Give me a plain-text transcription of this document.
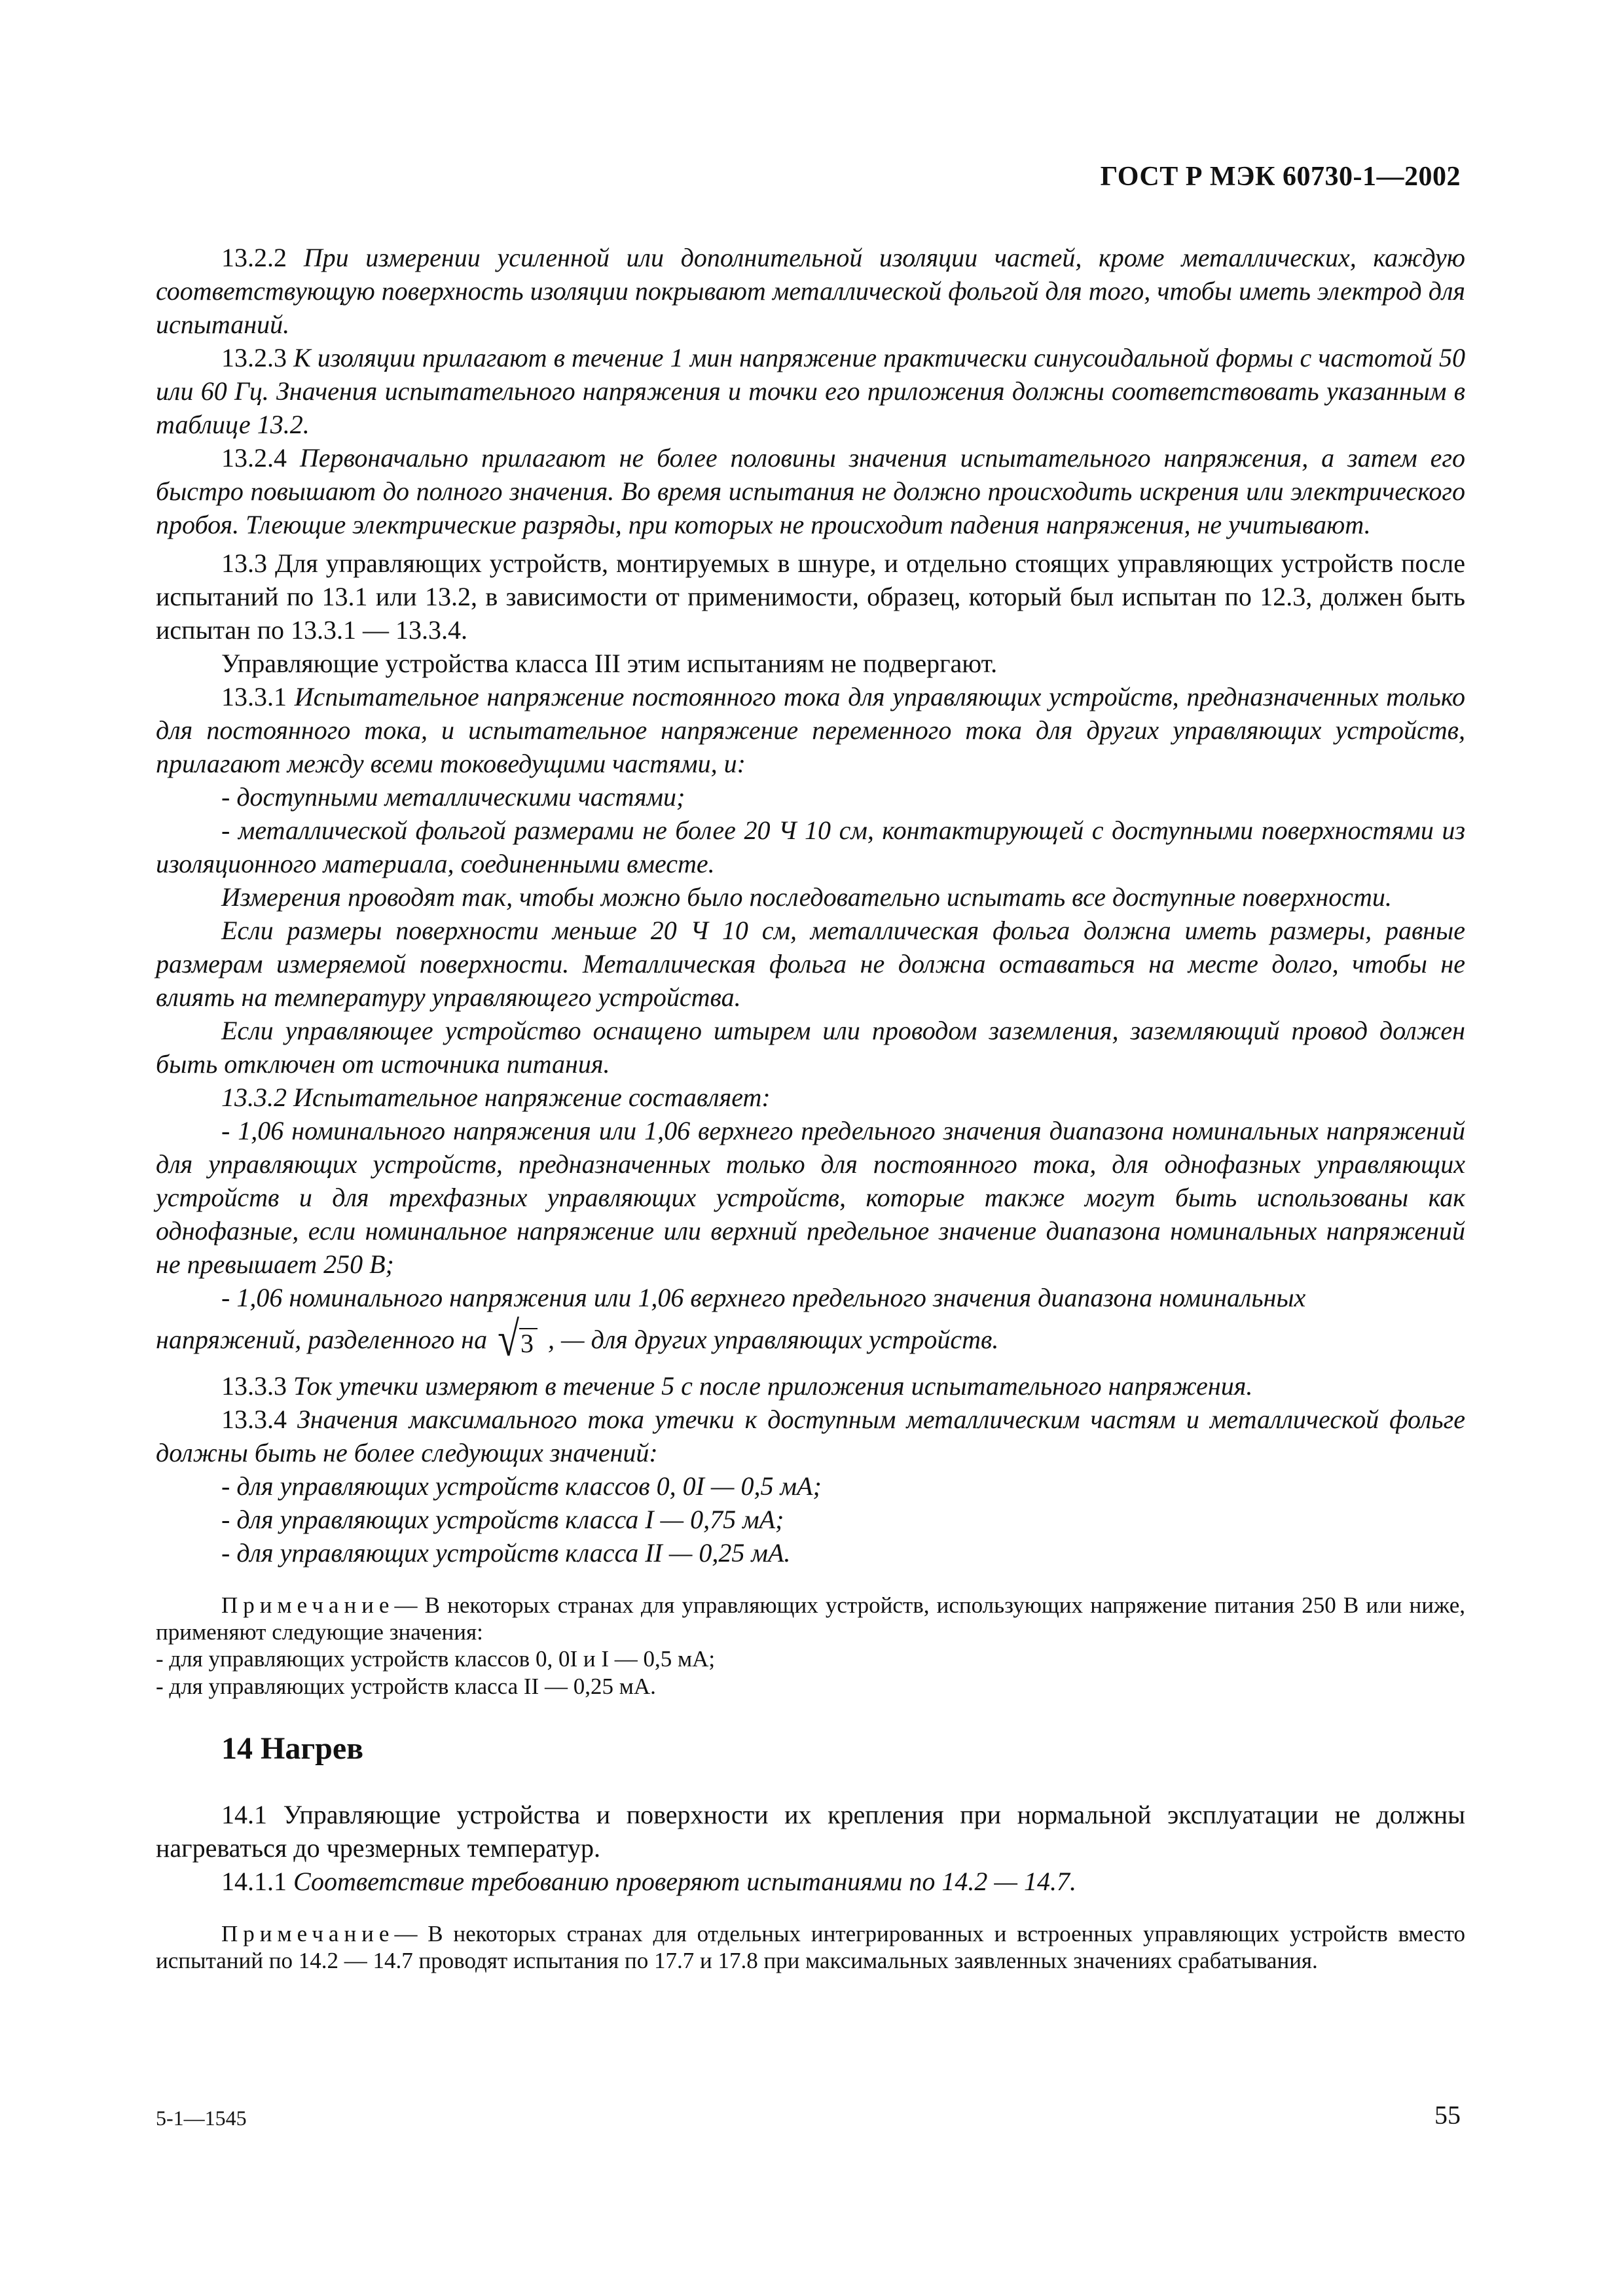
ГОСТ Р МЭК 60730-1—2002

13.2.2 При измерении усиленной или дополнительной изоляции частей, кроме металлических, каждую соответствующую поверхность изоляции покрывают металлической фольгой для того, чтобы иметь электрод для испытаний.

13.2.3 К изоляции прилагают в течение 1 мин напряжение практически синусоидальной формы с частотой 50 или 60 Гц. Значения испытательного напряжения и точки его приложения должны соответствовать указанным в таблице 13.2.

13.2.4 Первоначально прилагают не более половины значения испытательного напряжения, а затем его быстро повышают до полного значения. Во время испытания не должно происходить искрения или электрического пробоя. Тлеющие электрические разряды, при которых не происходит падения напряжения, не учитывают.

13.3 Для управляющих устройств, монтируемых в шнуре, и отдельно стоящих управляющих устройств после испытаний по 13.1 или 13.2, в зависимости от применимости, образец, который был испытан по 12.3, должен быть испытан по 13.3.1 — 13.3.4.

Управляющие устройства класса III этим испытаниям не подвергают.

13.3.1 Испытательное напряжение постоянного тока для управляющих устройств, предназначенных только для постоянного тока, и испытательное напряжение переменного тока для других управляющих устройств, прилагают между всеми токоведущими частями, и:

- доступными металлическими частями;

- металлической фольгой размерами не более 20 Ч 10 см, контактирующей с доступными поверхностями из изоляционного материала, соединенными вместе.

Измерения проводят так, чтобы можно было последовательно испытать все доступные поверхности.

Если размеры поверхности меньше 20 Ч 10 см, металлическая фольга должна иметь размеры, равные размерам измеряемой поверхности. Металлическая фольга не должна оставаться на месте долго, чтобы не влиять на температуру управляющего устройства.

Если управляющее устройство оснащено штырем или проводом заземления, заземляющий провод должен быть отключен от источника питания.

13.3.2 Испытательное напряжение составляет:

- 1,06 номинального напряжения или 1,06 верхнего предельного значения диапазона номинальных напряжений для управляющих устройств, предназначенных только для постоянного тока, для однофазных управляющих устройств и для трехфазных управляющих устройств, которые также могут быть использованы как однофазные, если номинальное напряжение или верхний предельное значение диапазона номинальных напряжений не превышает 250 В;

- 1,06 номинального напряжения или 1,06 верхнего предельного значения диапазона номинальных

напряжений, разделенного на √3 , — для других управляющих устройств.

13.3.3 Ток утечки измеряют в течение 5 с после приложения испытательного напряжения.

13.3.4 Значения максимального тока утечки к доступным металлическим частям и металлической фольге должны быть не более следующих значений:

- для управляющих устройств классов 0, 0I — 0,5 мА;

- для управляющих устройств класса I — 0,75 мА;

- для управляющих устройств класса II — 0,25 мА.

Примечание— В некоторых странах для управляющих устройств, использующих напряжение питания 250 В или ниже, применяют следующие значения:
- для управляющих устройств классов 0, 0I и I — 0,5 мА;
- для управляющих устройств класса II — 0,25 мА.
14 Нагрев

14.1 Управляющие устройства и поверхности их крепления при нормальной эксплуатации не должны нагреваться до чрезмерных температур.

14.1.1 Соответствие требованию проверяют испытаниями по 14.2 — 14.7.

Примечание— В некоторых странах для отдельных интегрированных и встроенных управляющих устройств вместо испытаний по 14.2 — 14.7 проводят испытания по 17.7 и 17.8 при максимальных заявленных значениях срабатывания.
5-1—1545	55
